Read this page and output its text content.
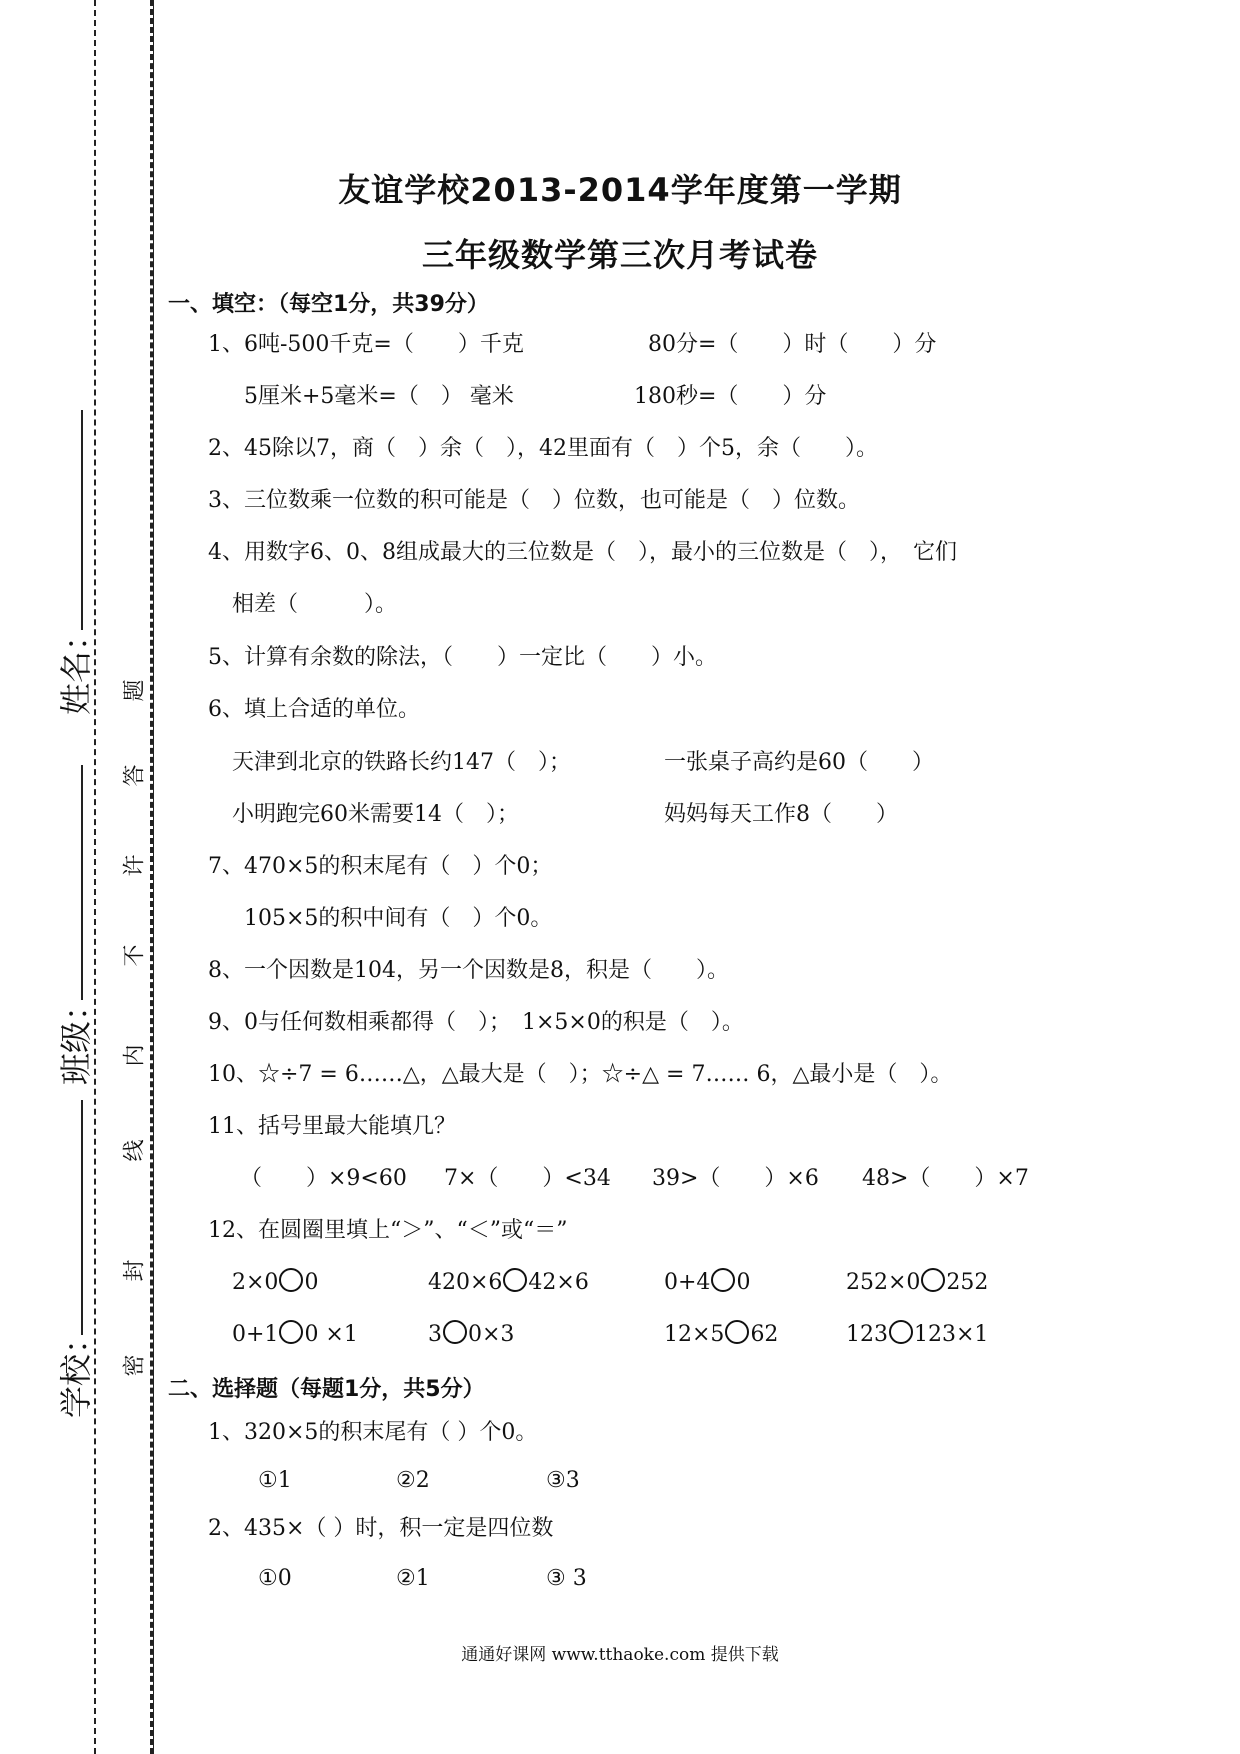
姓名：
班级：
学校： 密
封
线
内
不
许
答
题
友谊学校2013-2014学年度第一学期
三年级数学第三次月考试卷
一、填空：（每空1分，共39分）
1、6吨-500千克=（　　）千克	80分=（　　）时（　　）分
5厘米+5毫米=（　） 毫米	180秒=（　　）分
2、45除以7，商（　）余（　），42里面有（　）个5，余（　　）。
3、三位数乘一位数的积可能是（　）位数，也可能是（　）位数。
4、用数字6、0、8组成最大的三位数是（　），最小的三位数是（　），　它们
相差（　　　）。
5、计算有余数的除法，（　　）一定比（　　）小。
6、填上合适的单位。
天津到北京的铁路长约147（　）；	一张桌子高约是60（　　）
小明跑完60米需要14（　）；	妈妈每天工作8（　　）
7、470×5的积末尾有（　）个0；
105×5的积中间有（　）个0。
8、一个因数是104，另一个因数是8，积是（　　）。
9、0与任何数相乘都得（　）；　1×5×0的积是（　）。
10、☆÷7 = 6……△，△最大是（　）；☆÷△ = 7…… 6，△最小是（　）。
11、括号里最大能填几？
（　　）×9<60 7×（　　）<34 39>（　　）×6 48>（　　）×7
12、在圆圈里填上“＞”、“＜”或“＝”
2×0 0	420×6 42×6	0+4 0	252×0 252
0+1 0 ×1	3 0×3	12×5 62	123 123×1
二、选择题（每题1分，共5分）
1、320×5的积末尾有（ ）个0。
①1	②2	③3
2、435×（ ）时，积一定是四位数
①0	②1	③ 3
通通好课网 www.tthaoke.com 提供下载
